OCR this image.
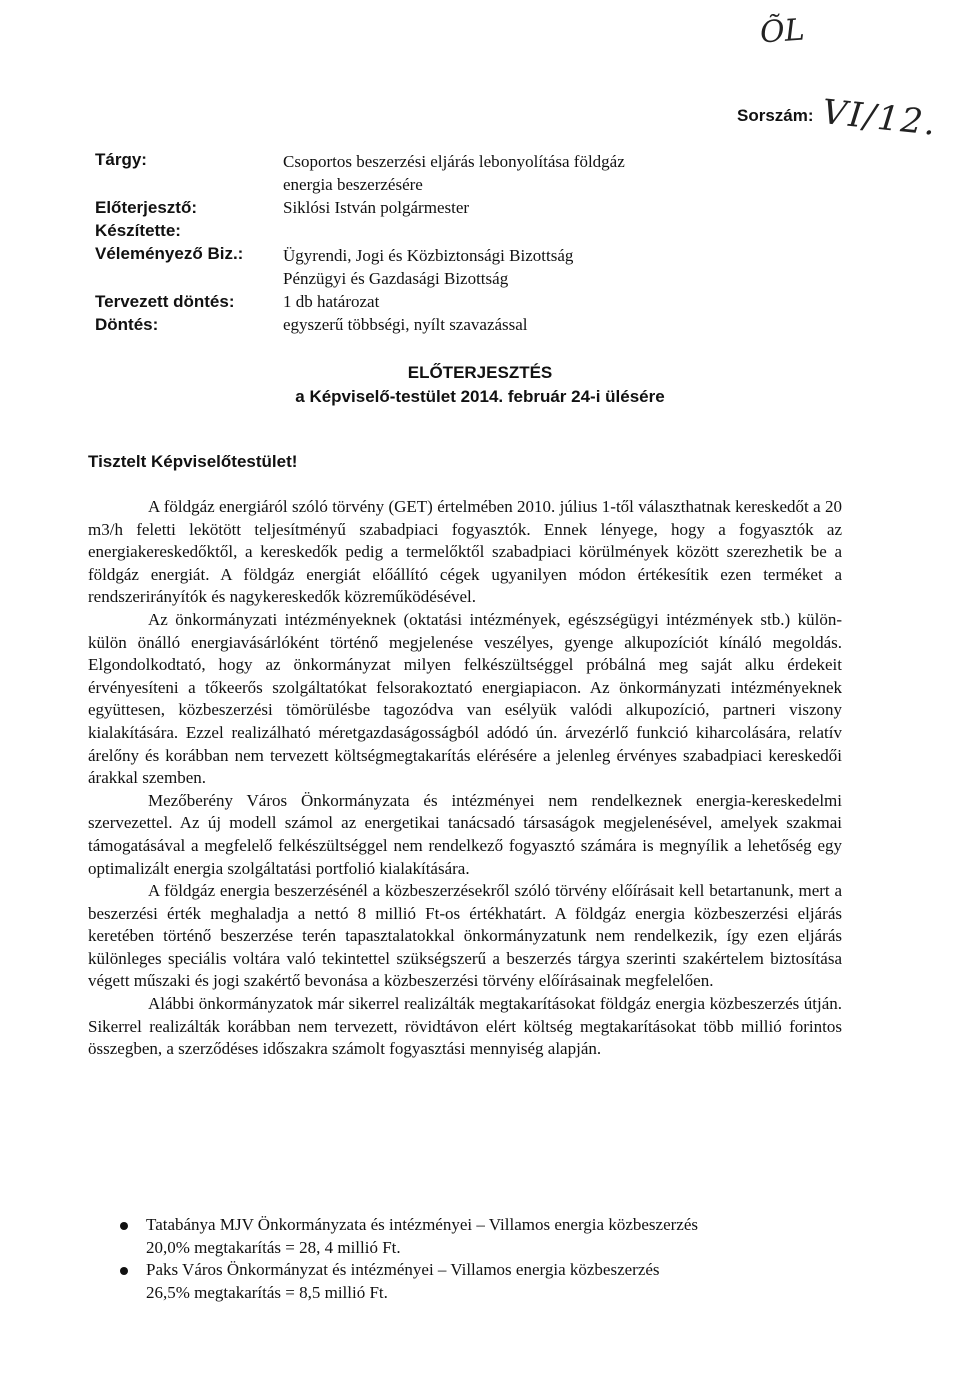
ÕL
Sorszám: VI/12.
Tárgy:	Csoportos beszerzési eljárás lebonyolítása földgáz
energia beszerzésére
Előterjesztő:	Siklósi István polgármester
Készítette:
Véleményező Biz.: Ügyrendi, Jogi és Közbiztonsági Bizottság
Pénzügyi és Gazdasági Bizottság
Tervezett döntés:	1 db határozat
Döntés:	egyszerű többségi, nyílt szavazással
ELŐTERJESZTÉS
a Képviselő-testület 2014. február 24-i ülésére
Tisztelt Képviselőtestület!

A földgáz energiáról szóló törvény (GET) értelmében 2010. július 1-től választhatnak kereskedőt a 20 m3/h feletti lekötött teljesítményű szabadpiaci fogyasztók. Ennek lényege, hogy a fogyasztók az energiakereskedőktől, a kereskedők pedig a termelőktől szabadpiaci körülmények között szerezhetik be a földgáz energiát. A földgáz energiát előállító cégek ugyanilyen módon értékesítik ezen terméket a rendszerirányítók és nagykereskedők közreműködésével.

Az önkormányzati intézményeknek (oktatási intézmények, egészségügyi intézmények stb.) külön-külön önálló energiavásárlóként történő megjelenése veszélyes, gyenge alkupozíciót kínáló megoldás. Elgondolkodtató, hogy az önkormányzat milyen felkészültséggel próbálná meg saját alku érdekeit érvényesíteni a tőkeerős szolgáltatókat felsorakoztató energiapiacon. Az önkormányzati intézményeknek együttesen, közbeszerzési tömörülésbe tagozódva van esélyük valódi alkupozíció, partneri viszony kialakítására. Ezzel realizálható méretgazdaságosságból adódó ún. árvezérlő funkció kiharcolására, relatív árelőny és korábban nem tervezett költségmegtakarítás elérésére a jelenleg érvényes szabadpiaci kereskedői árakkal szemben.

Mezőberény Város Önkormányzata és intézményei nem rendelkeznek energia-kereskedelmi szervezettel. Az új modell számol az energetikai tanácsadó társaságok megjelenésével, amelyek szakmai támogatásával a megfelelő felkészültséggel nem rendelkező fogyasztó számára is megnyílik a lehetőség egy optimalizált energia szolgáltatási portfolió kialakítására.

A földgáz energia beszerzésénél a közbeszerzésekről szóló törvény előírásait kell betartanunk, mert a beszerzési érték meghaladja a nettó 8 millió Ft-os értékhatárt. A földgáz energia közbeszerzési eljárás keretében történő beszerzése terén tapasztalatokkal önkormányzatunk nem rendelkezik, így ezen eljárás különleges speciális voltára való tekintettel szükségszerű a beszerzés tárgya szerinti szakértelem biztosítása végett műszaki és jogi szakértő bevonása a közbeszerzési törvény előírásainak megfelelően.

Alábbi önkormányzatok már sikerrel realizálták megtakarításokat földgáz energia közbeszerzés útján. Sikerrel realizálták korábban nem tervezett, rövidtávon elért költség megtakarításokat több millió forintos összegben, a szerződéses időszakra számolt fogyasztási mennyiség alapján.

Tatabánya MJV Önkormányzata és intézményei – Villamos energia közbeszerzés
20,0% megtakarítás = 28, 4 millió Ft.
Paks Város Önkormányzat és intézményei – Villamos energia közbeszerzés
26,5% megtakarítás = 8,5 millió Ft.
